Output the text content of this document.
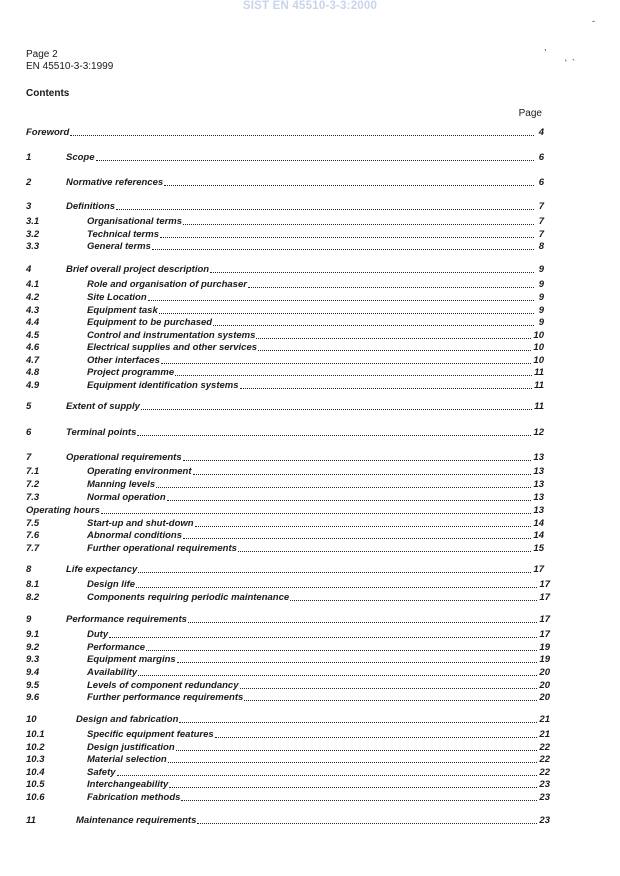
SIST EN 45510-3-3:2000
,
-
' `
Page 2
EN 45510-3-3:1999
Contents
Page
Foreword	4
1	Scope	6
2	Normative references	6
3	Definitions	7
3.1	Organisational terms	7
3.2	Technical terms	7
3.3	General terms	8
4	Brief overall project description	9
4.1	Role and organisation of purchaser	9
4.2	Site Location	9
4.3	Equipment task	9
4.4	Equipment to be purchased	9
4.5	Control and instrumentation systems	10
4.6	Electrical supplies and other services	10
4.7	Other interfaces	10
4.8	Project programme	11
4.9	Equipment identification systems	11
5	Extent of supply	11
6	Terminal points	12
7	Operational requirements	13
7.1	Operating environment	13
7.2	Manning levels	13
7.3	Normal operation	13
Operating hours	13
7.5	Start-up and shut-down	14
7.6	Abnormal conditions	14
7.7	Further operational requirements	15
8	Life expectancy	17
8.1	Design life	17
8.2	Components requiring periodic maintenance	17
9	Performance requirements	17
9.1	Duty	17
9.2	Performance	19
9.3	Equipment margins	19
9.4	Availability	20
9.5	Levels of component redundancy	20
9.6	Further performance requirements	20
10	Design and fabrication	21
10.1	Specific equipment features	21
10.2	Design justification	22
10.3	Material selection	22
10.4	Safety	22
10.5	Interchangeability	23
10.6	Fabrication methods	23
11	Maintenance requirements	23
